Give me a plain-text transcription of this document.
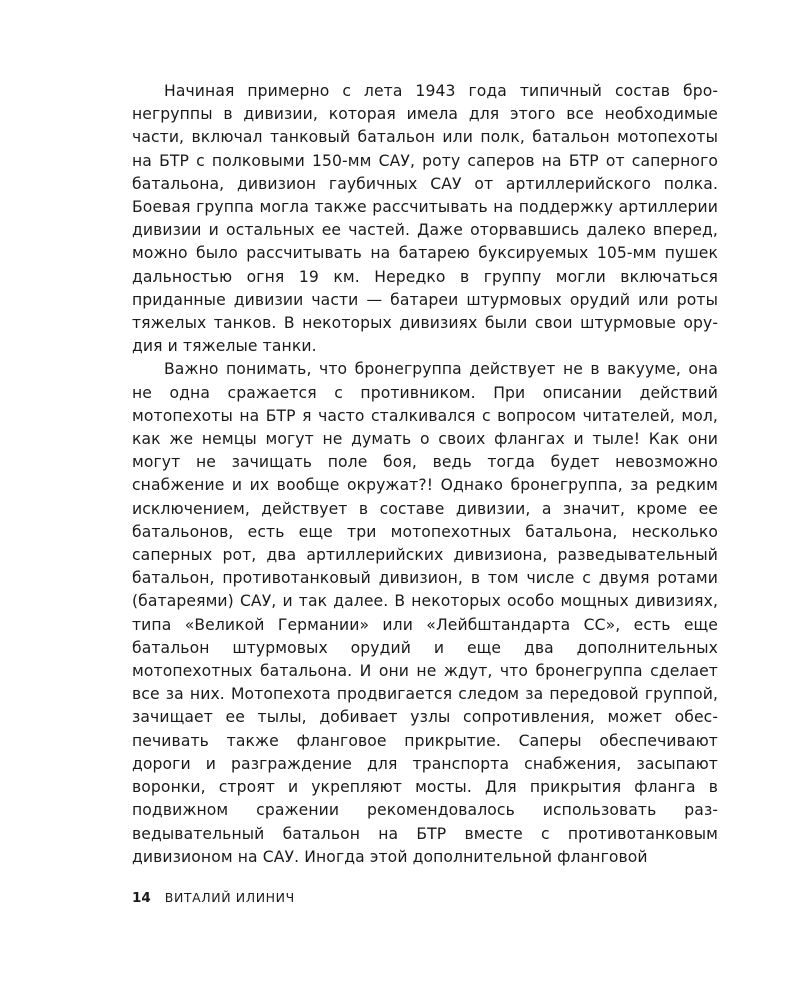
Начиная примерно с лета 1943 года типичный состав бронегруппы в дивизии, которая имела для этого все необходимые части, включал танковый батальон или полк, батальон мотопехоты на БТР с полковыми 150-мм САУ, роту саперов на БТР от саперного батальона, дивизион гаубичных САУ от артиллерийского полка. Боевая группа могла также рассчитывать на поддержку артиллерии дивизии и остальных ее частей. Даже оторвавшись далеко вперед, можно было рассчитывать на батарею буксируемых 105-мм пушек дальностью огня 19 км. Нередко в группу могли включаться приданные дивизии части — батареи штурмовых орудий или роты тяжелых танков. В некоторых дивизиях были свои штурмовые орудия и тяжелые танки.

Важно понимать, что бронегруппа действует не в вакууме, она не одна сражается с противником. При описании действий мотопехоты на БТР я часто сталкивался с вопросом читателей, мол, как же немцы могут не думать о своих флангах и тыле! Как они могут не зачищать поле боя, ведь тогда будет невозможно снабжение и их вообще окружат?! Однако бронегруппа, за редким исключением, действует в составе дивизии, а значит, кроме ее батальонов, есть еще три мотопехотных батальона, несколько саперных рот, два артиллерийских дивизиона, разведывательный батальон, противотанковый дивизион, в том числе с двумя ротами (батареями) САУ, и так далее. В некоторых особо мощных дивизиях, типа «Великой Германии» или «Лейбштандарта СС», есть еще батальон штурмовых орудий и еще два дополнительных мотопехотных батальона. И они не ждут, что бронегруппа сделает все за них. Мотопехота продвигается следом за передовой группой, зачищает ее тылы, добивает узлы сопротивления, может обеспечивать также фланговое прикрытие. Саперы обеспечивают дороги и разграждение для транспорта снабжения, засыпают воронки, строят и укрепляют мосты. Для прикрытия фланга в подвижном сражении рекомендовалось использовать разведывательный батальон на БТР вместе с противотанковым дивизионом на САУ. Иногда этой дополнительной фланговой

14 ВИТАЛИЙ ИЛИНИЧ
